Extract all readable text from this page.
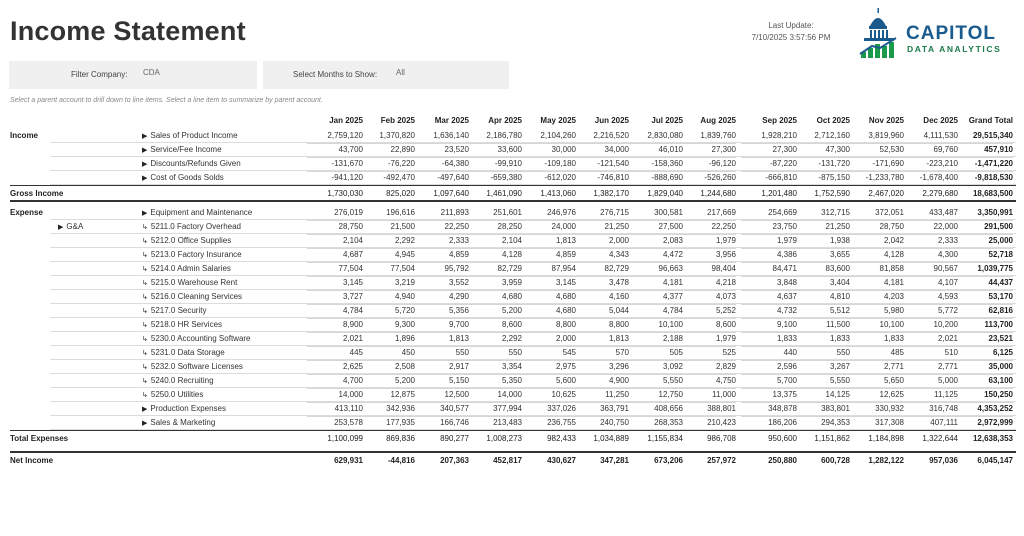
Income Statement	Last Update:
7/10/2025 3:57:56 PM	CAPITOL
DATA ANALYTICS
Filter Company: CDA	Select Months to Show: All
Select a parent account to drill down to line items. Select a line item to summarize by parent account.
Jan 2025	Feb 2025	Mar 2025	Apr 2025	May 2025	Jun 2025	Jul 2025	Aug 2025	Sep 2025	Oct 2025	Nov 2025	Dec 2025	Grand Total
Income	▶ Sales of Product Income	2,759,120	1,370,820	1,636,140	2,186,780	2,104,260	2,216,520	2,830,080	1,839,760	1,928,210	2,712,160	3,819,960	4,111,530	29,515,340
▶ Service/Fee Income	43,700	22,890	23,520	33,600	30,000	34,000	46,010	27,300	27,300	47,300	52,530	69,760	457,910
▶ Discounts/Refunds Given	-131,670	-76,220	-64,380	-99,910	-109,180	-121,540	-158,360	-96,120	-87,220	-131,720	-171,690	-223,210	-1,471,220
▶ Cost of Goods Solds	-941,120	-492,470	-497,640	-659,380	-612,020	-746,810	-888,690	-526,260	-666,810	-875,150	-1,233,780	-1,678,400	-9,818,530
Gross Income	1,730,030	825,020	1,097,640	1,461,090	1,413,060	1,382,170	1,829,040	1,244,680	1,201,480	1,752,590	2,467,020	2,279,680	18,683,500
Expense	▶ Equipment and Maintenance	276,019	196,616	211,893	251,601	246,976	276,715	300,581	217,669	254,669	312,715	372,051	433,487	3,350,991
▶ G&A	↳ 5211.0 Factory Overhead	28,750	21,500	22,250	28,250	24,000	21,250	27,500	22,250	23,750	21,250	28,750	22,000	291,500
↳ 5212.0 Office Supplies	2,104	2,292	2,333	2,104	1,813	2,000	2,083	1,979	1,979	1,938	2,042	2,333	25,000
↳ 5213.0 Factory Insurance	4,687	4,945	4,859	4,128	4,859	4,343	4,472	3,956	4,386	3,655	4,128	4,300	52,718
↳ 5214.0 Admin Salaries	77,504	77,504	95,792	82,729	87,954	82,729	96,663	98,404	84,471	83,600	81,858	90,567	1,039,775
↳ 5215.0 Warehouse Rent	3,145	3,219	3,552	3,959	3,145	3,478	4,181	4,218	3,848	3,404	4,181	4,107	44,437
↳ 5216.0 Cleaning Services	3,727	4,940	4,290	4,680	4,680	4,160	4,377	4,073	4,637	4,810	4,203	4,593	53,170
↳ 5217.0 Security	4,784	5,720	5,356	5,200	4,680	5,044	4,784	5,252	4,732	5,512	5,980	5,772	62,816
↳ 5218.0 HR Services	8,900	9,300	9,700	8,600	8,800	8,800	10,100	8,600	9,100	11,500	10,100	10,200	113,700
↳ 5230.0 Accounting Software	2,021	1,896	1,813	2,292	2,000	1,813	2,188	1,979	1,833	1,833	1,833	2,021	23,521
↳ 5231.0 Data Storage	445	450	550	550	545	570	505	525	440	550	485	510	6,125
↳ 5232.0 Software Licenses	2,625	2,508	2,917	3,354	2,975	3,296	3,092	2,829	2,596	3,267	2,771	2,771	35,000
↳ 5240.0 Recruiting	4,700	5,200	5,150	5,350	5,600	4,900	5,550	4,750	5,700	5,550	5,650	5,000	63,100
↳ 5250.0 Utilities	14,000	12,875	12,500	14,000	10,625	11,250	12,750	11,000	13,375	14,125	12,625	11,125	150,250
▶ Production Expenses	413,110	342,936	340,577	377,994	337,026	363,791	408,656	388,801	348,878	383,801	330,932	316,748	4,353,252
▶ Sales & Marketing	253,578	177,935	166,746	213,483	236,755	240,750	268,353	210,423	186,206	294,353	317,308	407,111	2,972,999
Total Expenses	1,100,099	869,836	890,277	1,008,273	982,433	1,034,889	1,155,834	986,708	950,600	1,151,862	1,184,898	1,322,644	12,638,353
Net Income	629,931	-44,816	207,363	452,817	430,627	347,281	673,206	257,972	250,880	600,728	1,282,122	957,036	6,045,147
